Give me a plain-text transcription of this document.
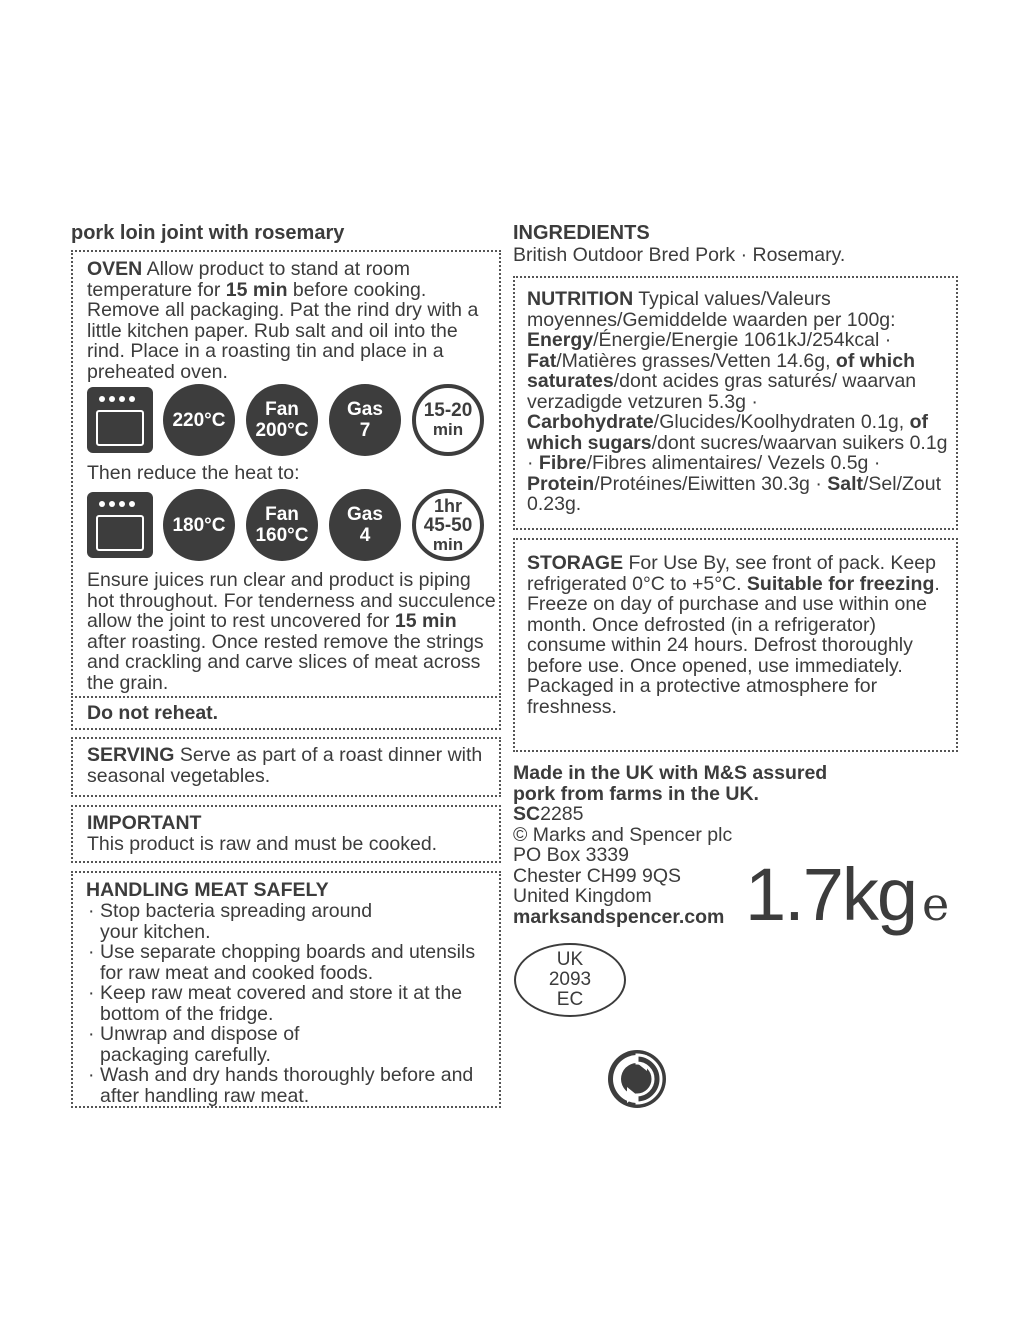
pork loin joint with rosemary
OVEN Allow product to stand at room temperature for 15 min before cooking. Remove all packaging. Pat the rind dry with a little kitchen paper. Rub salt and oil into the rind. Place in a roasting tin and place in a preheated oven.
220°C Fan
200°C
Gas
7
15-20
min
Then reduce the heat to:
180°C Fan
160°C
Gas
4
1hr
45-50
min
Ensure juices run clear and product is piping hot throughout. For tenderness and succulence allow the joint to rest uncovered for 15 min after roasting. Once rested remove the strings and crackling and carve slices of meat across the grain.
Do not reheat.
SERVING Serve as part of a roast dinner with seasonal vegetables.
IMPORTANT
This product is raw and must be cooked.
HANDLING MEAT SAFELY
· Stop bacteria spreading around your kitchen.
· Use separate chopping boards and utensils for raw meat and cooked foods.
· Keep raw meat covered and store it at the bottom of the fridge.
· Unwrap and dispose of packaging carefully.
· Wash and dry hands thoroughly before and after handling raw meat.
INGREDIENTS
British Outdoor Bred Pork · Rosemary.
NUTRITION Typical values/Valeurs moyennes/Gemiddelde waarden per 100g: Energy/Énergie/Energie 1061kJ/254kcal · Fat/Matières grasses/Vetten 14.6g, of which saturates/dont acides gras saturés/ waarvan verzadigde vetzuren 5.3g · Carbohydrate/Glucides/Koolhydraten 0.1g, of which sugars/dont sucres/waarvan suikers 0.1g · Fibre/Fibres alimentaires/ Vezels 0.5g · Protein/Protéines/Eiwitten 30.3g · Salt/Sel/Zout 0.23g.
STORAGE For Use By, see front of pack. Keep refrigerated 0°C to +5°C. Suitable for freezing. Freeze on day of purchase and use within one month. Once defrosted (in a refrigerator) consume within 24 hours. Defrost thoroughly before use. Once opened, use immediately.
Packaged in a protective atmosphere for freshness.
Made in the UK with M&S assured pork from farms in the UK.
SC2285
© Marks and Spencer plc
PO Box 3339
Chester CH99 9QS
United Kingdom
marksandspencer.com 1.7kg e
UK
2093
EC
